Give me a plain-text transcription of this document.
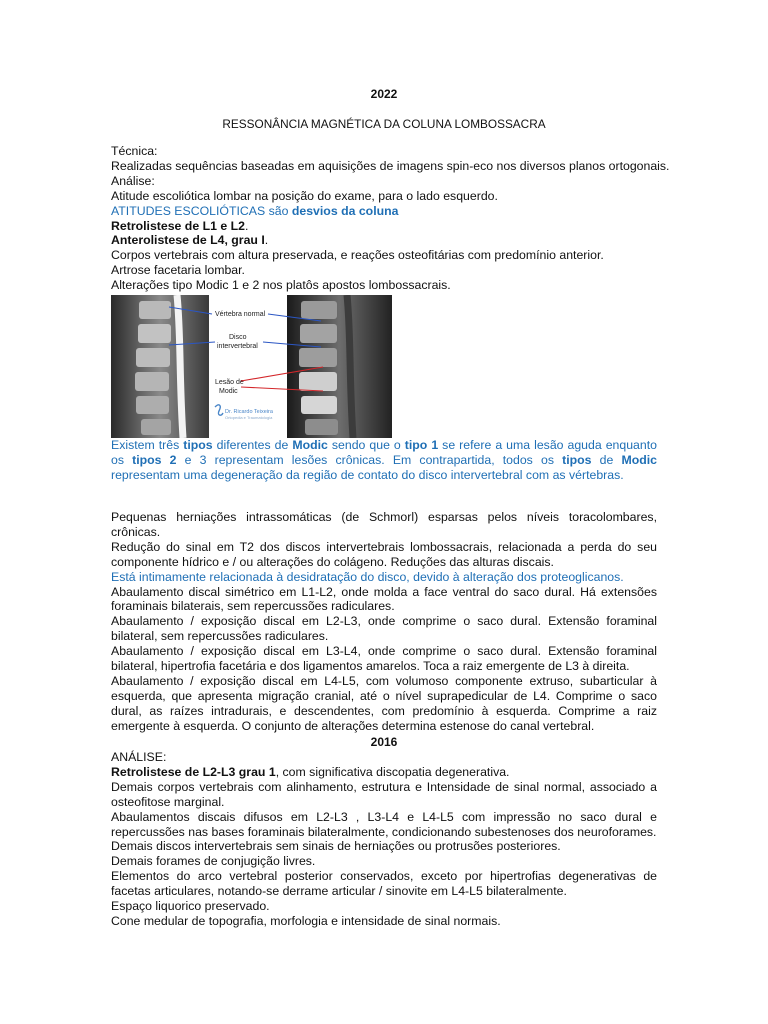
2022
RESSONÂNCIA MAGNÉTICA DA COLUNA LOMBOSSACRA

Técnica:

Realizadas sequências baseadas em aquisições de imagens spin-eco nos diversos planos ortogonais.

Análise:

Atitude escoliótica lombar na posição do exame, para o lado esquerdo.

ATITUDES ESCOLIÓTICAS são desvios da coluna

Retrolistese de L1 e L2.

Anterolistese de L4, grau I.

Corpos vertebrais com altura preservada, e reações osteofitárias com predomínio anterior.

Artrose facetaria lombar.

Alterações tipo Modic 1 e 2 nos platôs apostos lombossacrais.

Vértebra normal
Disco
intervertebral
Lesão de
Modic
Dr. Ricardo Teixeira
Ortopedia e Traumatologia

Existem três tipos diferentes de Modic sendo que o tipo 1 se refere a uma lesão aguda enquanto os tipos 2 e 3 representam lesões crônicas. Em contrapartida, todos os tipos de Modic representam uma degeneração da região de contato do disco intervertebral com as vértebras.

Pequenas herniações intrassomáticas (de Schmorl) esparsas pelos níveis toracolombares, crônicas.

Redução do sinal em T2 dos discos intervertebrais lombossacrais, relacionada a perda do seu componente hídrico e / ou alterações do colágeno. Reduções das alturas discais.

Está intimamente relacionada à desidratação do disco, devido à alteração dos proteoglicanos.

Abaulamento discal simétrico em L1-L2, onde molda a face ventral do saco dural. Há extensões foraminais bilaterais, sem repercussões radiculares.

Abaulamento / exposição discal em L2-L3, onde comprime o saco dural. Extensão foraminal bilateral, sem repercussões radiculares.

Abaulamento / exposição discal em L3-L4, onde comprime o saco dural. Extensão foraminal bilateral, hipertrofia facetária e dos ligamentos amarelos. Toca a raiz emergente de L3 à direita.

Abaulamento / exposição discal em L4-L5, com volumoso componente extruso, subarticular à esquerda, que apresenta migração cranial, até o nível suprapedicular de L4. Comprime o saco dural, as raízes intradurais, e descendentes, com predomínio à esquerda. Comprime a raiz emergente à esquerda. O conjunto de alterações determina estenose do canal vertebral.

2016

ANÁLISE:

Retrolistese de L2-L3 grau 1, com significativa discopatia degenerativa.

Demais corpos vertebrais com alinhamento, estrutura e Intensidade de sinal normal, associado a osteofitose marginal.

Abaulamentos discais difusos em L2-L3 , L3-L4 e L4-L5 com impressão no saco dural e repercussões nas bases foraminais bilateralmente, condicionando subestenoses dos neuroforames.

Demais discos intervertebrais sem sinais de herniações ou protrusões posteriores.

Demais forames de conjugição livres.

Elementos do arco vertebral posterior conservados, exceto por hipertrofias degenerativas de facetas articulares, notando-se derrame articular / sinovite em L4-L5 bilateralmente.

Espaço liquorico preservado.

Cone medular de topografia, morfologia e intensidade de sinal normais.
